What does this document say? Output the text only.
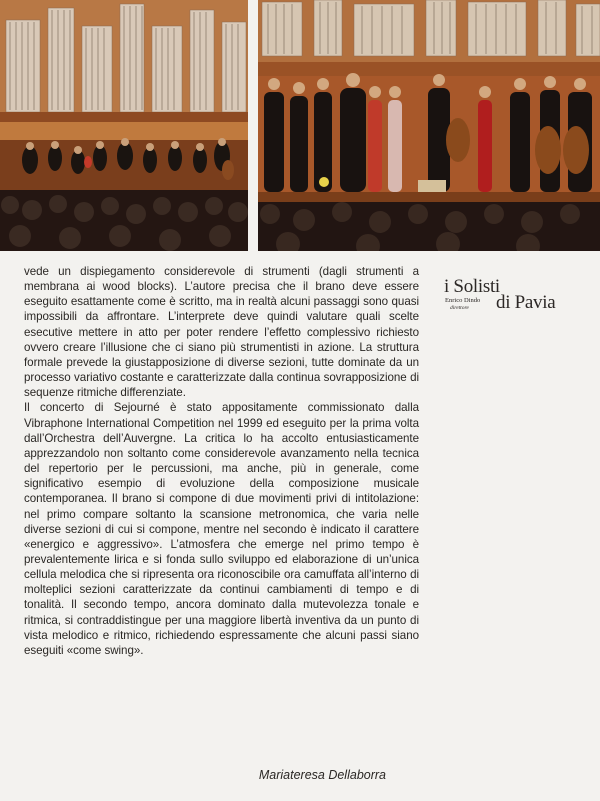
i Solisti
Enrico Dindo
direttore di Pavia

vede un dispiegamento considerevole di strumenti (dagli strumenti a membrana ai wood blocks). L’autore precisa che il brano deve essere eseguito esattamente come è scritto, ma in realtà alcuni passaggi sono quasi impossibili da affrontare. L’interprete deve quindi valutare quali scelte esecutive mettere in atto per poter rendere l’effetto complessivo richiesto ovvero creare l’illusione che ci siano più strumentisti in azione. La struttura formale prevede la giustapposizione di diverse sezioni, tutte dominate da un processo variativo costante e caratterizzate dalla continua sovrapposizione di sequenze ritmiche differenziate.

Il concerto di Sejourné è stato appositamente commissionato dalla Vibraphone International Competition nel 1999 ed eseguito per la prima volta dall’Orchestra dell’Auvergne. La critica lo ha accolto entusiasticamente apprezzandolo non soltanto come considerevole avanzamento nella tecnica del repertorio per le percussioni, ma anche, più in generale, come significativo esempio di evoluzione della composizione musicale contemporanea. Il brano si compone di due movimenti privi di intitolazione: nel primo compare soltanto la scansione metronomica, che varia nelle diverse sezioni di cui si compone, mentre nel secondo è indicato il carattere «energico e aggressivo». L’atmosfera che emerge nel primo tempo è prevalentemente lirica e si fonda sullo sviluppo ed elaborazione di un’unica cellula melodica che si ripresenta ora riconoscibile ora camuffata all’interno di molteplici sezioni caratterizzate da continui cambiamenti di tempo e di tonalità. Il secondo tempo, ancora dominato dalla mutevolezza tonale e ritmica, si contraddistingue per una maggiore libertà inventiva da un punto di vista melodico e ritmico, richiedendo espressamente che alcuni passi siano eseguiti «come swing».

Mariateresa Dellaborra
